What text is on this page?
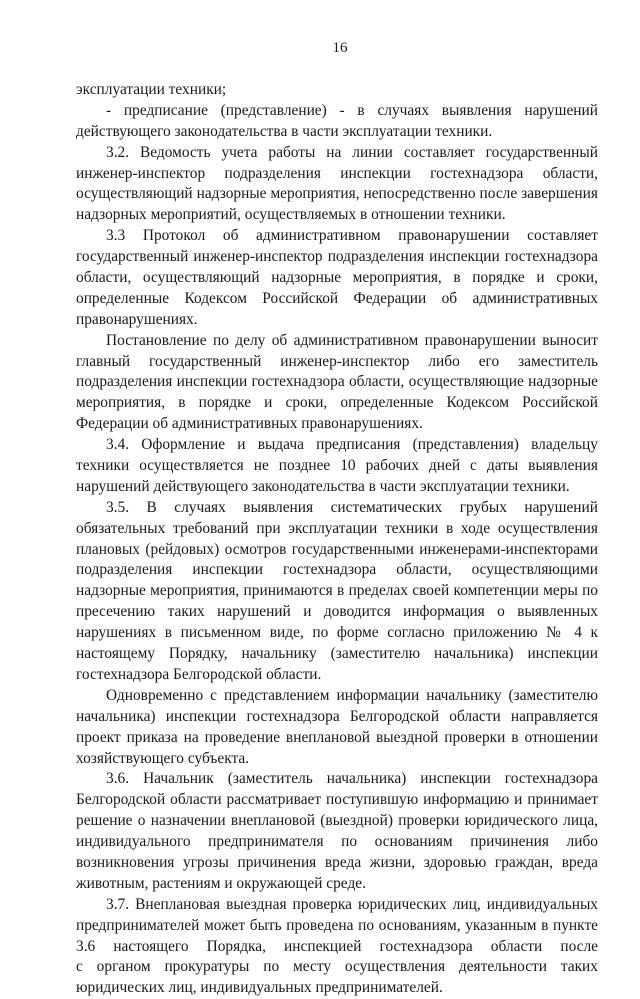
16
эксплуатации техники;
- предписание (представление) - в случаях выявления нарушений
действующего законодательства в части эксплуатации техники.
3.2. Ведомость учета работы на линии составляет государственный
инженер-инспектор подразделения инспекции гостехнадзора области,
осуществляющий надзорные мероприятия, непосредственно после завершения
надзорных мероприятий, осуществляемых в отношении техники.
3.3 Протокол об административном правонарушении составляет
государственный инженер-инспектор подразделения инспекции гостехнадзора
области, осуществляющий надзорные мероприятия, в порядке и сроки,
определенные Кодексом Российской Федерации об административных
правонарушениях.
Постановление по делу об административном правонарушении выносит
главный государственный инженер-инспектор либо его заместитель
подразделения инспекции гостехнадзора области, осуществляющие надзорные
мероприятия, в порядке и сроки, определенные Кодексом Российской
Федерации об административных правонарушениях.
3.4. Оформление и выдача предписания (представления) владельцу
техники осуществляется не позднее 10 рабочих дней с даты выявления
нарушений действующего законодательства в части эксплуатации техники.
3.5. В случаях выявления систематических грубых нарушений
обязательных требований при эксплуатации техники в ходе осуществления
плановых (рейдовых) осмотров государственными инженерами-инспекторами
подразделения инспекции гостехнадзора области, осуществляющими
надзорные мероприятия, принимаются в пределах своей компетенции меры по
пресечению таких нарушений и доводится информация о выявленных
нарушениях в письменном виде, по форме согласно приложению № 4 к
настоящему Порядку, начальнику (заместителю начальника) инспекции
гостехнадзора Белгородской области.
Одновременно с представлением информации начальнику (заместителю
начальника) инспекции гостехнадзора Белгородской области направляется
проект приказа на проведение внеплановой выездной проверки в отношении
хозяйствующего субъекта.
3.6. Начальник (заместитель начальника) инспекции гостехнадзора
Белгородской области рассматривает поступившую информацию и принимает
решение о назначении внеплановой (выездной) проверки юридического лица,
индивидуального предпринимателя по основаниям причинения либо
возникновения угрозы причинения вреда жизни, здоровью граждан, вреда
животным, растениям и окружающей среде.
3.7. Внеплановая выездная проверка юридических лиц, индивидуальных
предпринимателей может быть проведена по основаниям, указанным в пункте
3.6 настоящего Порядка, инспекцией гостехнадзора области после
с органом прокуратуры по месту осуществления деятельности таких
юридических лиц, индивидуальных предпринимателей.
